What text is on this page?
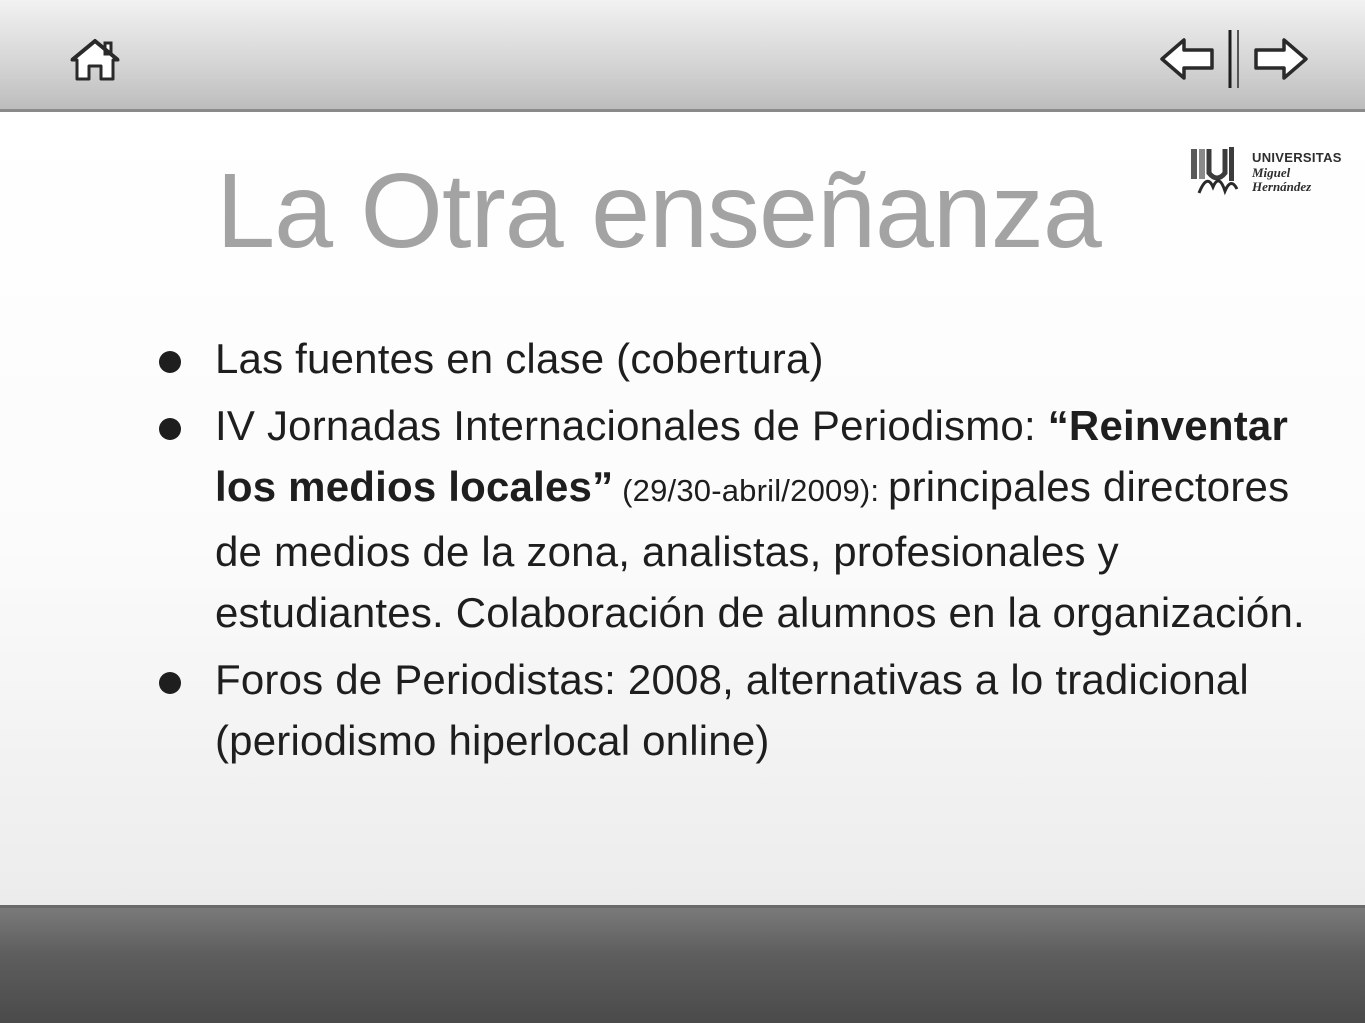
La Otra enseñanza	UNIVERSITAS
Miguel
Hernández
Las fuentes en clase (cobertura)
IV Jornadas Internacionales de Periodismo: “Reinventar los medios locales” (29/30-abril/2009): principales directores de medios de la zona, analistas, profesionales y estudiantes. Colaboración de alumnos en la organización.
Foros de Periodistas: 2008, alternativas a lo tradicional (periodismo hiperlocal online)
